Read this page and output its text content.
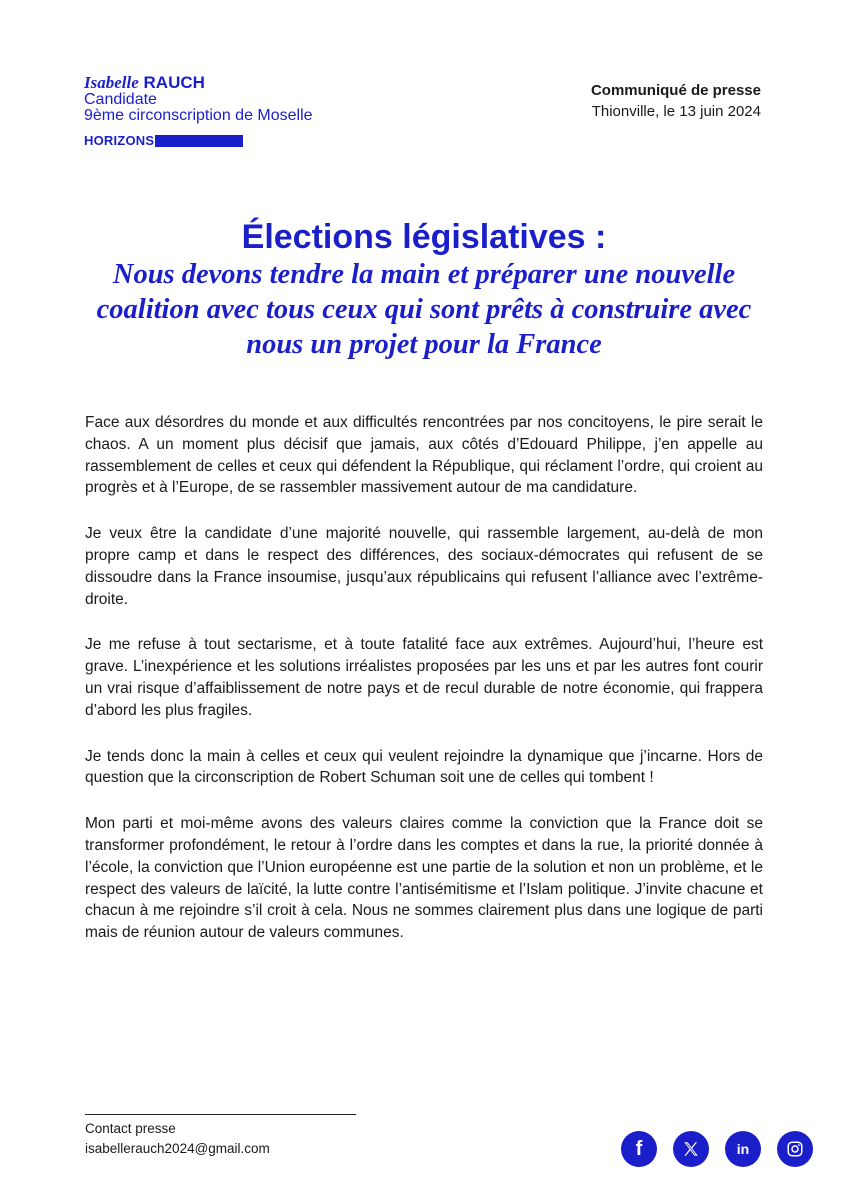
Isabelle RAUCH
Candidate
9ème circonscription de Moselle
HORIZONS
Communiqué de presse
Thionville, le 13 juin 2024
Élections législatives :
Nous devons tendre la main et préparer une nouvelle coalition avec tous ceux qui sont prêts à construire avec nous un projet pour la France

Face aux désordres du monde et aux difficultés rencontrées par nos concitoyens, le pire serait le chaos. A un moment plus décisif que jamais, aux côtés d’Edouard Philippe, j’en appelle au rassemblement de celles et ceux qui défendent la République, qui réclament l’ordre, qui croient au progrès et à l’Europe, de se rassembler massivement autour de ma candidature.

Je veux être la candidate d’une majorité nouvelle, qui rassemble largement, au-delà de mon propre camp et dans le respect des différences, des sociaux-démocrates qui refusent de se dissoudre dans la France insoumise, jusqu’aux républicains qui refusent l’alliance avec l’extrême-droite.

Je me refuse à tout sectarisme, et à toute fatalité face aux extrêmes. Aujourd’hui, l’heure est grave. L’inexpérience et les solutions irréalistes proposées par les uns et par les autres font courir un vrai risque d’affaiblissement de notre pays et de recul durable de notre économie, qui frappera d’abord les plus fragiles.

Je tends donc la main à celles et ceux qui veulent rejoindre la dynamique que j’incarne. Hors de question que la circonscription de Robert Schuman soit une de celles qui tombent !

Mon parti et moi-même avons des valeurs claires comme la conviction que la France doit se transformer profondément, le retour à l’ordre dans les comptes et dans la rue, la priorité donnée à l’école, la conviction que l’Union européenne est une partie de la solution et non un problème, et le respect des valeurs de laïcité, la lutte contre l’antisémitisme et l’Islam politique. J’invite chacune et chacun à me rejoindre s’il croit à cela. Nous ne sommes clairement plus dans une logique de parti mais de réunion autour de valeurs communes.

Contact presse
isabellerauch2024@gmail.com	f	in
